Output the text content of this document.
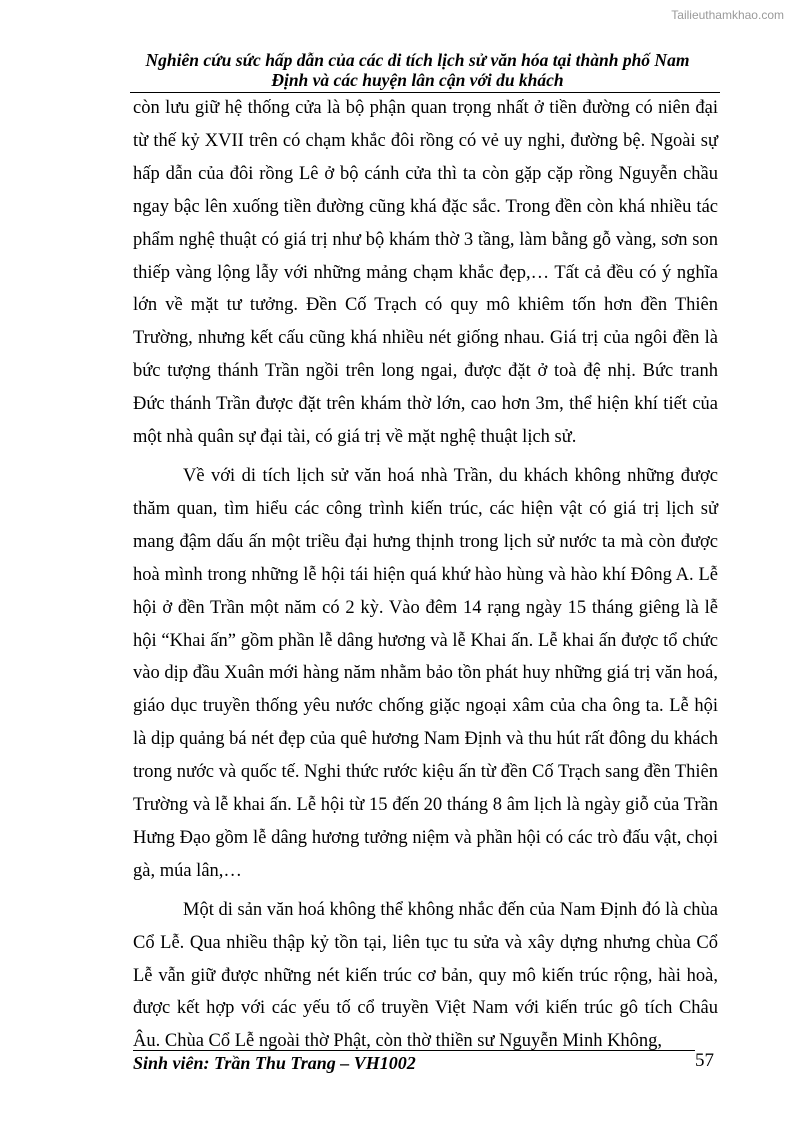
Tailieuthamkhao.com
Nghiên cứu sức hấp dẫn của các di tích lịch sử văn hóa tại thành phố Nam Định và các huyện lân cận với du khách

còn lưu giữ hệ thống cửa là bộ phận quan trọng nhất ở tiền đường có niên đại từ thế kỷ XVII trên có chạm khắc đôi rồng có vẻ uy nghi, đường bệ. Ngoài sự hấp dẫn của đôi rồng Lê ở bộ cánh cửa thì ta còn gặp cặp rồng Nguyễn chầu ngay bậc lên xuống tiền đường cũng khá đặc sắc. Trong đền còn khá nhiều tác phẩm nghệ thuật có giá trị như bộ khám thờ 3 tầng, làm bằng gỗ vàng, sơn son thiếp vàng lộng lẫy với những mảng chạm khắc đẹp,… Tất cả đều có ý nghĩa lớn về mặt tư tưởng. Đền Cố Trạch có quy mô khiêm tốn hơn đền Thiên Trường, nhưng kết cấu cũng khá nhiều nét giống nhau. Giá trị của ngôi đền là bức tượng thánh Trần ngồi trên long ngai, được đặt ở toà đệ nhị. Bức tranh Đức thánh Trần được đặt trên khám thờ lớn, cao hơn 3m, thể hiện khí tiết của một nhà quân sự đại tài, có giá trị về mặt nghệ thuật lịch sử.

Về với di tích lịch sử văn hoá nhà Trần, du khách không những được thăm quan, tìm hiểu các công trình kiến trúc, các hiện vật có giá trị lịch sử mang đậm dấu ấn một triều đại hưng thịnh trong lịch sử nước ta mà còn được hoà mình trong những lễ hội tái hiện quá khứ hào hùng và hào khí Đông A. Lễ hội ở đền Trần một năm có 2 kỳ. Vào đêm 14 rạng ngày 15 tháng giêng là lễ hội “Khai ấn” gồm phần lễ dâng hương và lễ Khai ấn. Lễ khai ấn được tổ chức vào dịp đầu Xuân mới hàng năm nhằm bảo tồn phát huy những giá trị văn hoá, giáo dục truyền thống yêu nước chống giặc ngoại xâm của cha ông ta. Lễ hội là dịp quảng bá nét đẹp của quê hương Nam Định và thu hút rất đông du khách trong nước và quốc tế. Nghi thức rước kiệu ấn từ đền Cố Trạch sang đền Thiên Trường và lễ khai ấn. Lễ hội từ 15 đến 20 tháng 8 âm lịch là ngày giỗ của Trần Hưng Đạo gồm lễ dâng hương tưởng niệm và phần hội có các trò đấu vật, chọi gà, múa lân,…

Một di sản văn hoá không thể không nhắc đến của Nam Định đó là chùa Cổ Lễ. Qua nhiều thập kỷ tồn tại, liên tục tu sửa và xây dựng nhưng chùa Cổ Lễ vẫn giữ được những nét kiến trúc cơ bản, quy mô kiến trúc rộng, hài hoà, được kết hợp với các yếu tố cổ truyền Việt Nam với kiến trúc gô tích Châu Âu. Chùa Cổ Lễ ngoài thờ Phật, còn thờ thiền sư Nguyễn Minh Không,

Sinh viên: Trần Thu Trang – VH1002	57
